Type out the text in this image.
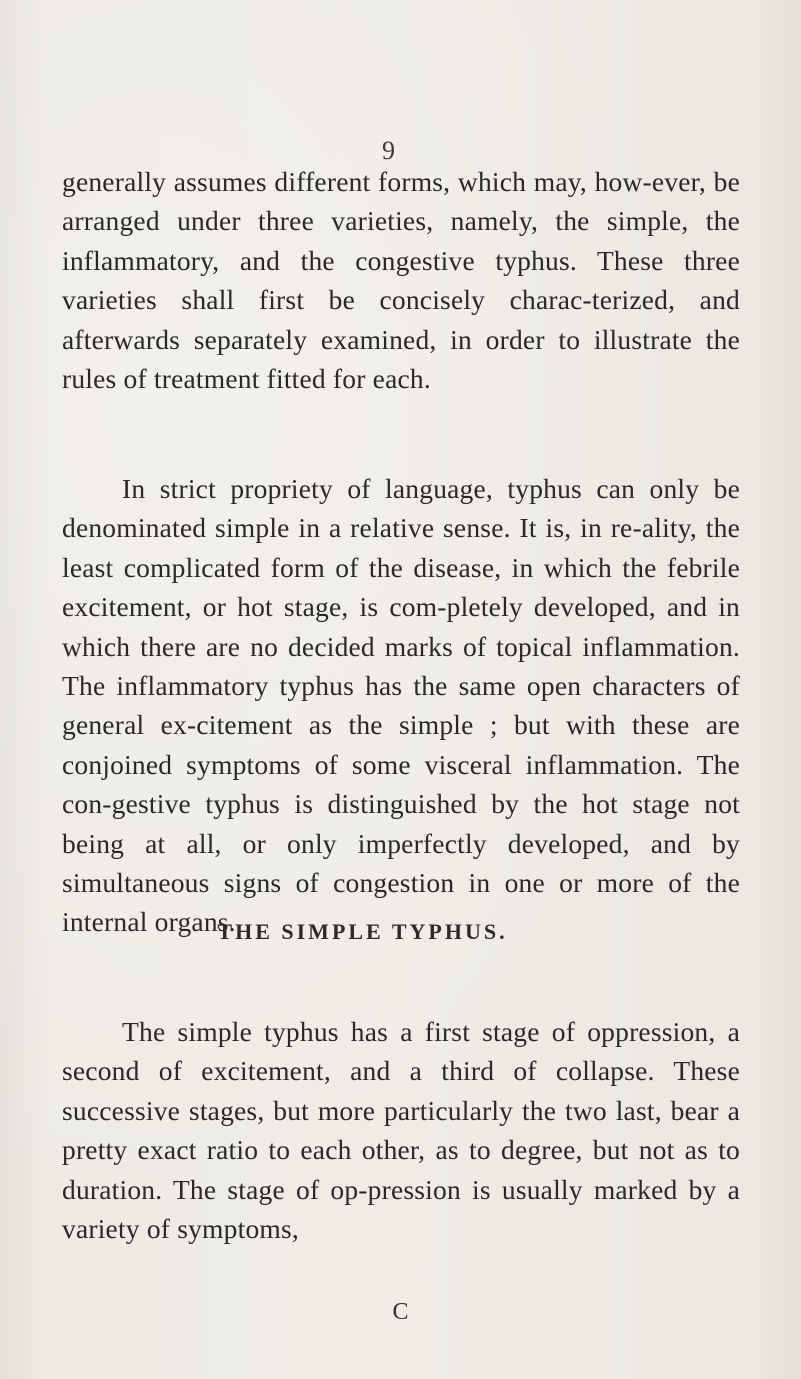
9

generally assumes different forms, which may, how-ever, be arranged under three varieties, namely, the simple, the inflammatory, and the congestive typhus. These three varieties shall first be concisely charac-terized, and afterwards separately examined, in order to illustrate the rules of treatment fitted for each.

In strict propriety of language, typhus can only be denominated simple in a relative sense. It is, in re-ality, the least complicated form of the disease, in which the febrile excitement, or hot stage, is com-pletely developed, and in which there are no decided marks of topical inflammation. The inflammatory typhus has the same open characters of general ex-citement as the simple ; but with these are conjoined symptoms of some visceral inflammation. The con-gestive typhus is distinguished by the hot stage not being at all, or only imperfectly developed, and by simultaneous signs of congestion in one or more of the internal organs.

THE SIMPLE TYPHUS.

The simple typhus has a first stage of oppression, a second of excitement, and a third of collapse. These successive stages, but more particularly the two last, bear a pretty exact ratio to each other, as to degree, but not as to duration. The stage of op-pression is usually marked by a variety of symptoms,

C
